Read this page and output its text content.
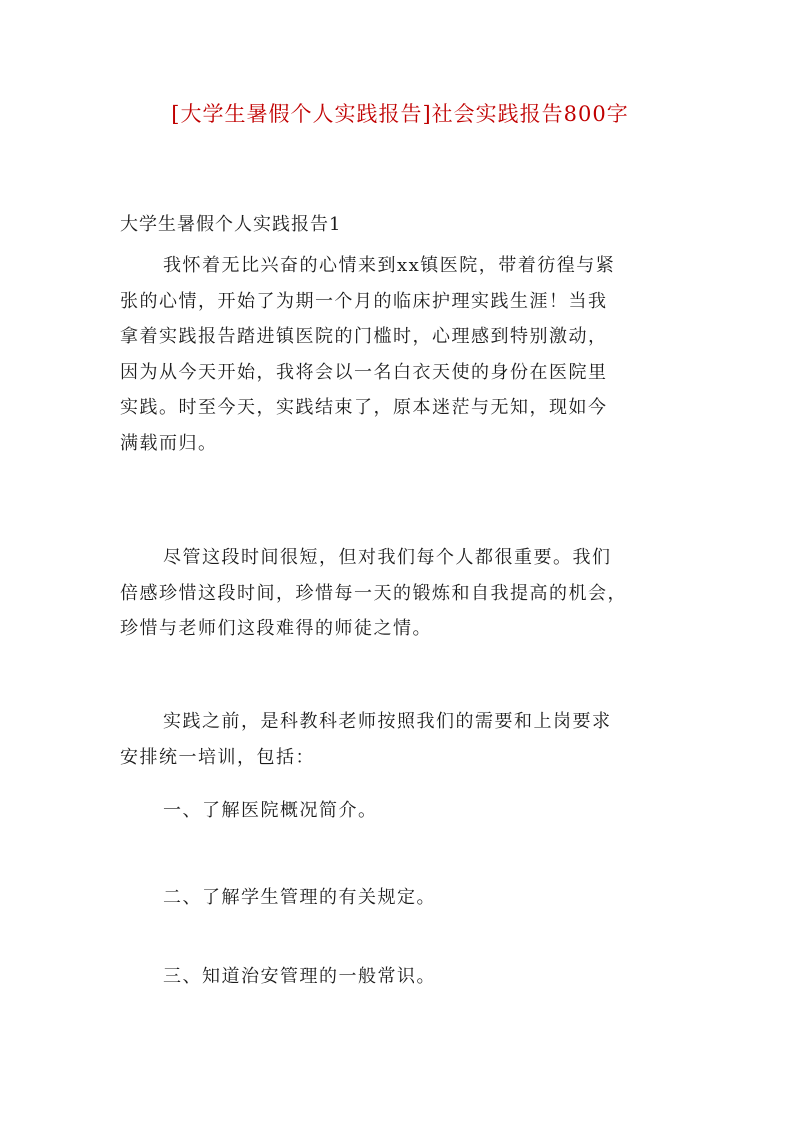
[大学生暑假个人实践报告]社会实践报告800字
大学生暑假个人实践报告1

我怀着无比兴奋的心情来到xx镇医院，带着彷徨与紧
张的心情，开始了为期一个月的临床护理实践生涯！当我
拿着实践报告踏进镇医院的门槛时，心理感到特别激动，
因为从今天开始，我将会以一名白衣天使的身份在医院里
实践。时至今天，实践结束了，原本迷茫与无知，现如今
满载而归。

尽管这段时间很短，但对我们每个人都很重要。我们
倍感珍惜这段时间，珍惜每一天的锻炼和自我提高的机会，
珍惜与老师们这段难得的师徒之情。

实践之前，是科教科老师按照我们的需要和上岗要求
安排统一培训，包括：

一、了解医院概况简介。

二、了解学生管理的有关规定。

三、知道治安管理的一般常识。
